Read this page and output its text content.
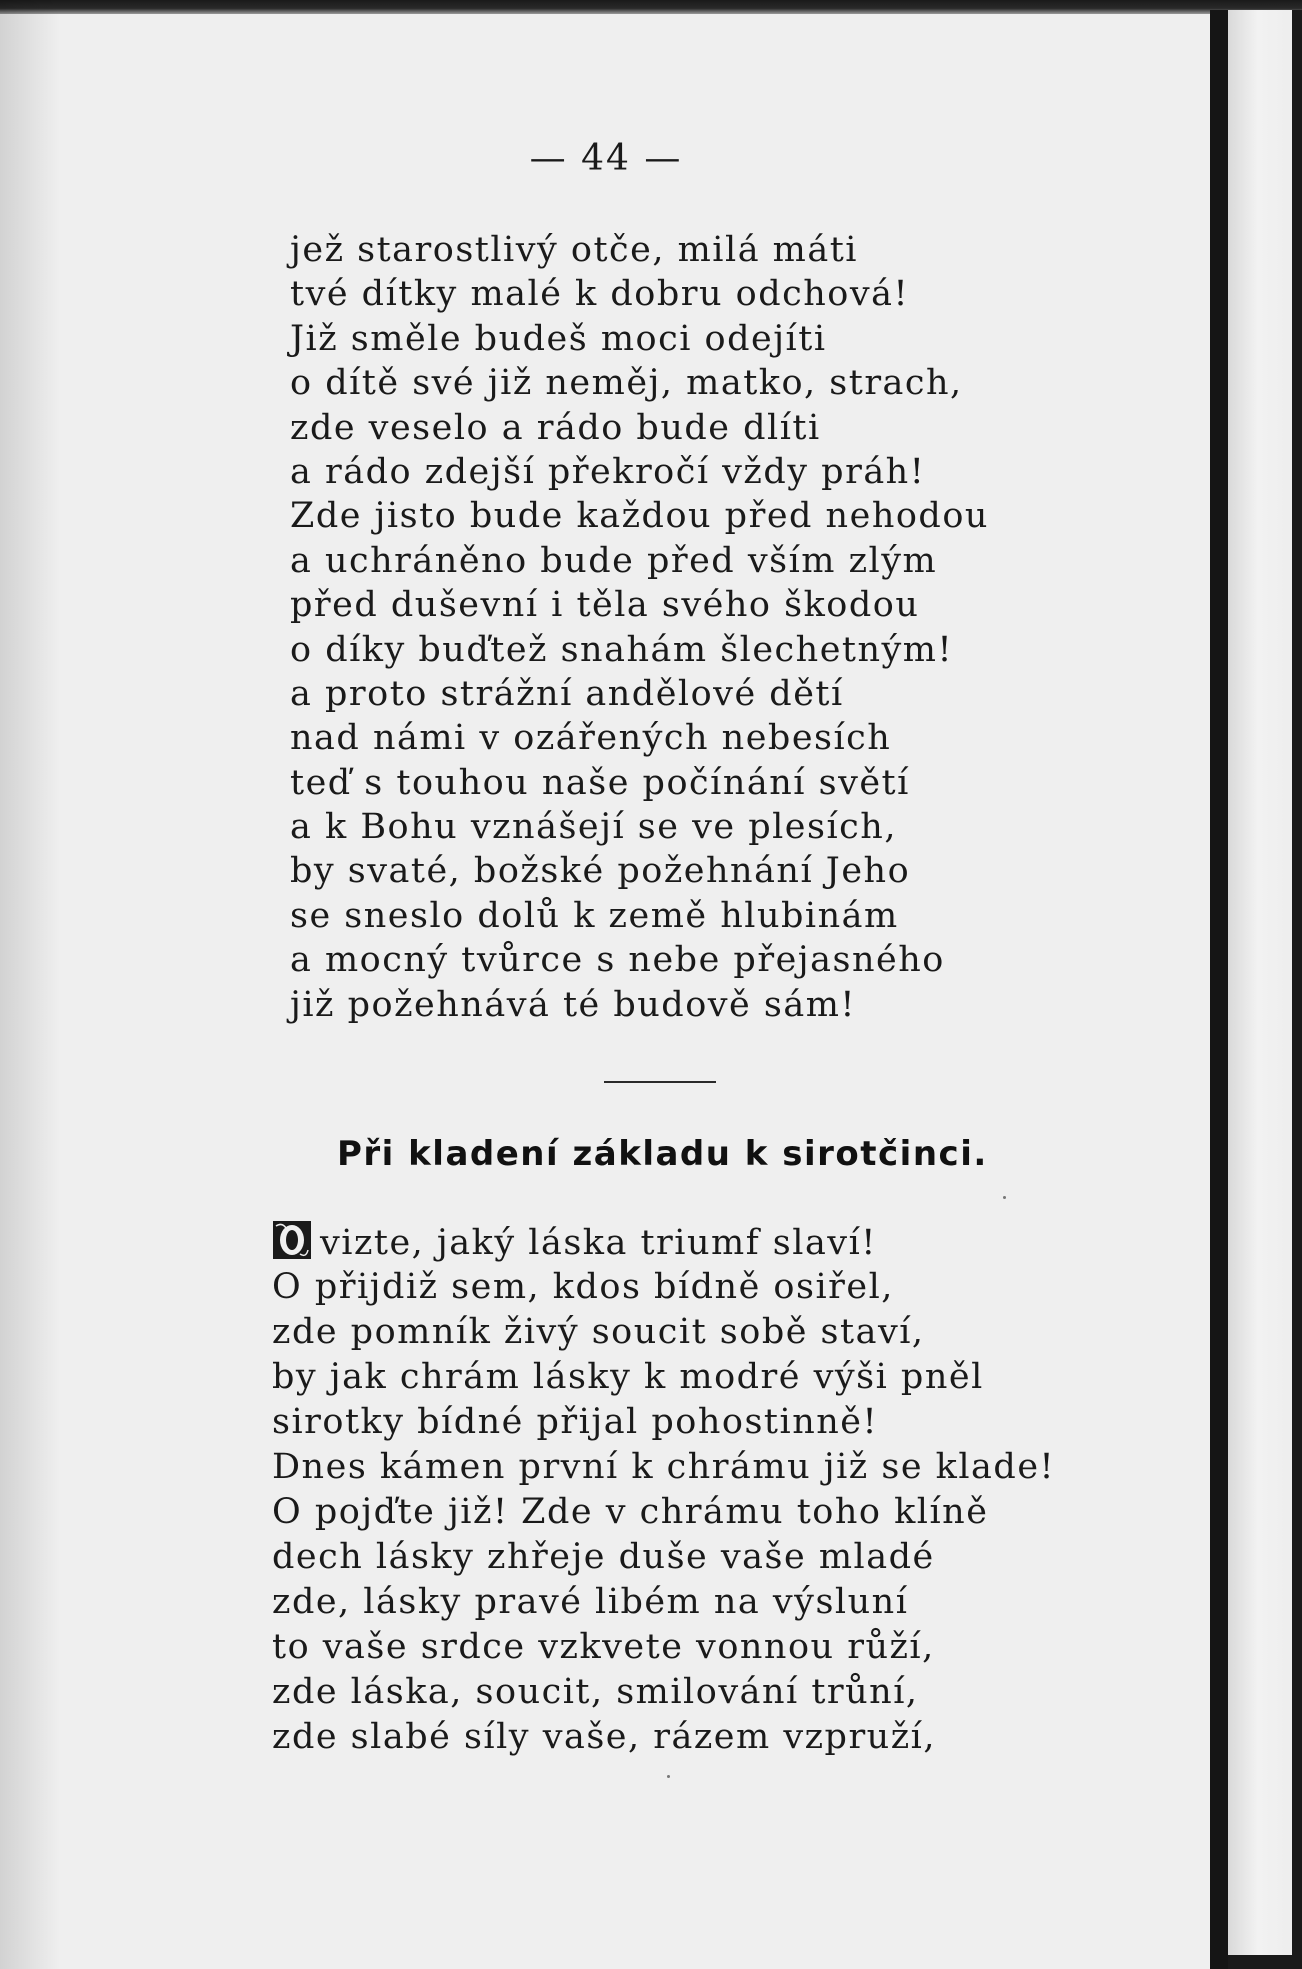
— 44 —
jež starostlivý otče, milá máti
tvé dítky malé k dobru odchová!
Již směle budeš moci odejíti
o dítě své již neměj, matko, strach,
zde veselo a rádo bude dlíti
a rádo zdejší překročí vždy práh!
Zde jisto bude každou před nehodou
a uchráněno bude před vším zlým
před duševní i těla svého škodou
o díky buďtež snahám šlechetným!
a proto strážní andělové dětí
nad námi v ozářených nebesích
teď s touhou naše počínání světí
a k Bohu vznášejí se ve plesích,
by svaté, božské požehnání Jeho
se sneslo dolů k země hlubinám
a mocný tvůrce s nebe přejasného
již požehnává té budově sám!
Při kladení základu k sirotčinci.
vizte, jaký láska triumf slaví!
O přijdiž sem, kdos bídně osiřel,
zde pomník živý soucit sobě staví,
by jak chrám lásky k modré výši pněl
sirotky bídné přijal pohostinně!
Dnes kámen první k chrámu již se klade!
O pojďte již! Zde v chrámu toho klíně
dech lásky zhřeje duše vaše mladé
zde, lásky pravé libém na výsluní
to vaše srdce vzkvete vonnou růží,
zde láska, soucit, smilování trůní,
zde slabé síly vaše, rázem vzpruží,
